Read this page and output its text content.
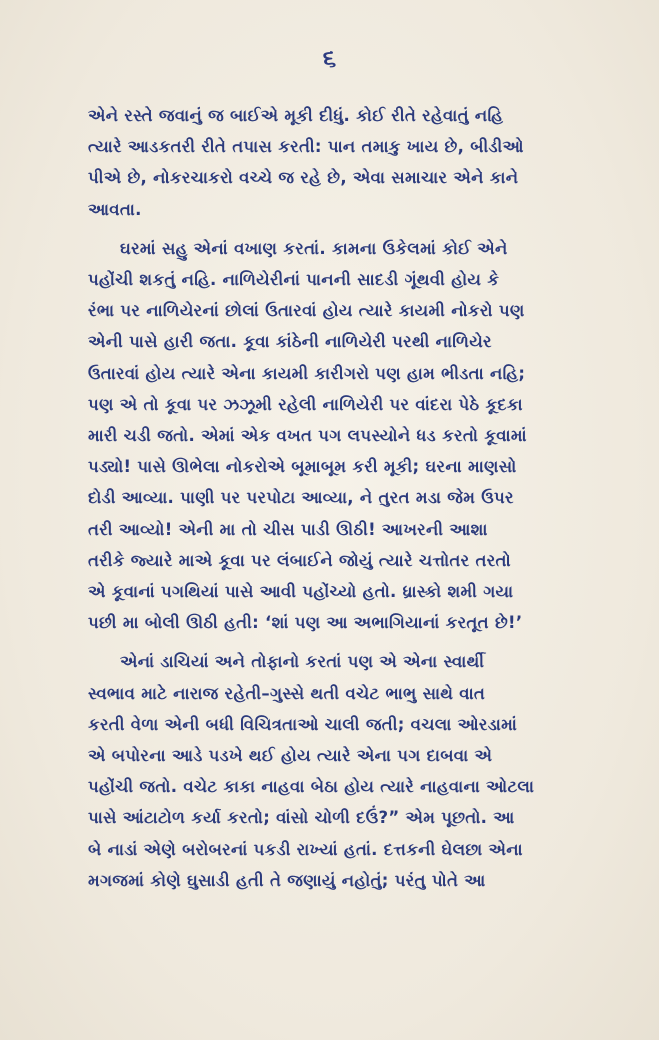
૬

એને રસ્તે જવાનું જ બાઈએ મૂકી દીધું. કોઈ રીતે રહેવાતું નહિ
ત્યારે આડકતરી રીતે તપાસ કરતી: પાન તમાકુ ખાય છે, બીડીઓ
પીએ છે, નોકરચાકરો વચ્ચે જ રહે છે, એવા સમાચાર એને કાને
આવતા.

ઘરમાં સહુ એનાં વખાણ કરતાં. કામના ઉકેલમાં કોઈ એને
પહોંચી શકતું નહિ. નાળિયેરીનાં પાનની સાદડી ગૂંથવી હોય કે
રંભા પર નાળિયેરનાં છોલાં ઉતારવાં હોય ત્યારે કાયમી નોકરો પણ
એની પાસે હારી જતા. કૂવા કાંઠેની નાળિયેરી પરથી નાળિયેર
ઉતારવાં હોય ત્યારે એના કાયમી કારીગરો પણ હામ ભીડતા નહિ;
પણ એ તો કૂવા પર ઝઝૂમી રહેલી નાળિયેરી પર વાંદરા પેઠે કૂદકા
મારી ચડી જતો. એમાં એક વખત પગ લપસ્યોને ધડ કરતો કૂવામાં
પડ્યો! પાસે ઊભેલા નોકરોએ બૂમાબૂમ કરી મૂકી; ઘરના માણસો
દોડી આવ્યા. પાણી પર પરપોટા આવ્યા, ને તુરત મડા જેમ ઉપર
તરી આવ્યો! એની મા તો ચીસ પાડી ઊઠી! આખરની આશા
તરીકે જ્યારે માએ કૂવા પર લંબાઈને જોયું ત્યારે ચત્તોતર તરતો
એ કૂવાનાં પગથિયાં પાસે આવી પહોંચ્યો હતો. ધ્રાસ્કો શમી ગયા
પછી મા બોલી ઊઠી હતી: ‘શાં પણ આ અભાગિયાનાં કરતૂત છે!’

એનાં ડાચિયાં અને તોફાનો કરતાં પણ એ એના સ્વાર્થી
સ્વભાવ માટે નારાજ રહેતી–ગુસ્સે થતી વચેટ ભાભુ સાથે વાત
કરતી વેળા એની બધી વિચિત્રતાઓ ચાલી જતી; વચલા ઓરડામાં
એ બપોરના આડે પડખે થઈ હોય ત્યારે એના પગ દાબવા એ
પહોંચી જતો. વચેટ કાકા નાહવા બેઠા હોય ત્યારે નાહવાના ઓટલા
પાસે આંટાટોળ કર્યા કરતો; વાંસો ચોળી દઉં?” એમ પૂછતો. આ
બે નાડાં એણે બરોબરનાં પકડી રાખ્યાં હતાં. દત્તકની ઘેલછા એના
મગજમાં કોણે ઘુસાડી હતી તે જણાયું નહોતું; પરંતુ પોતે આ
